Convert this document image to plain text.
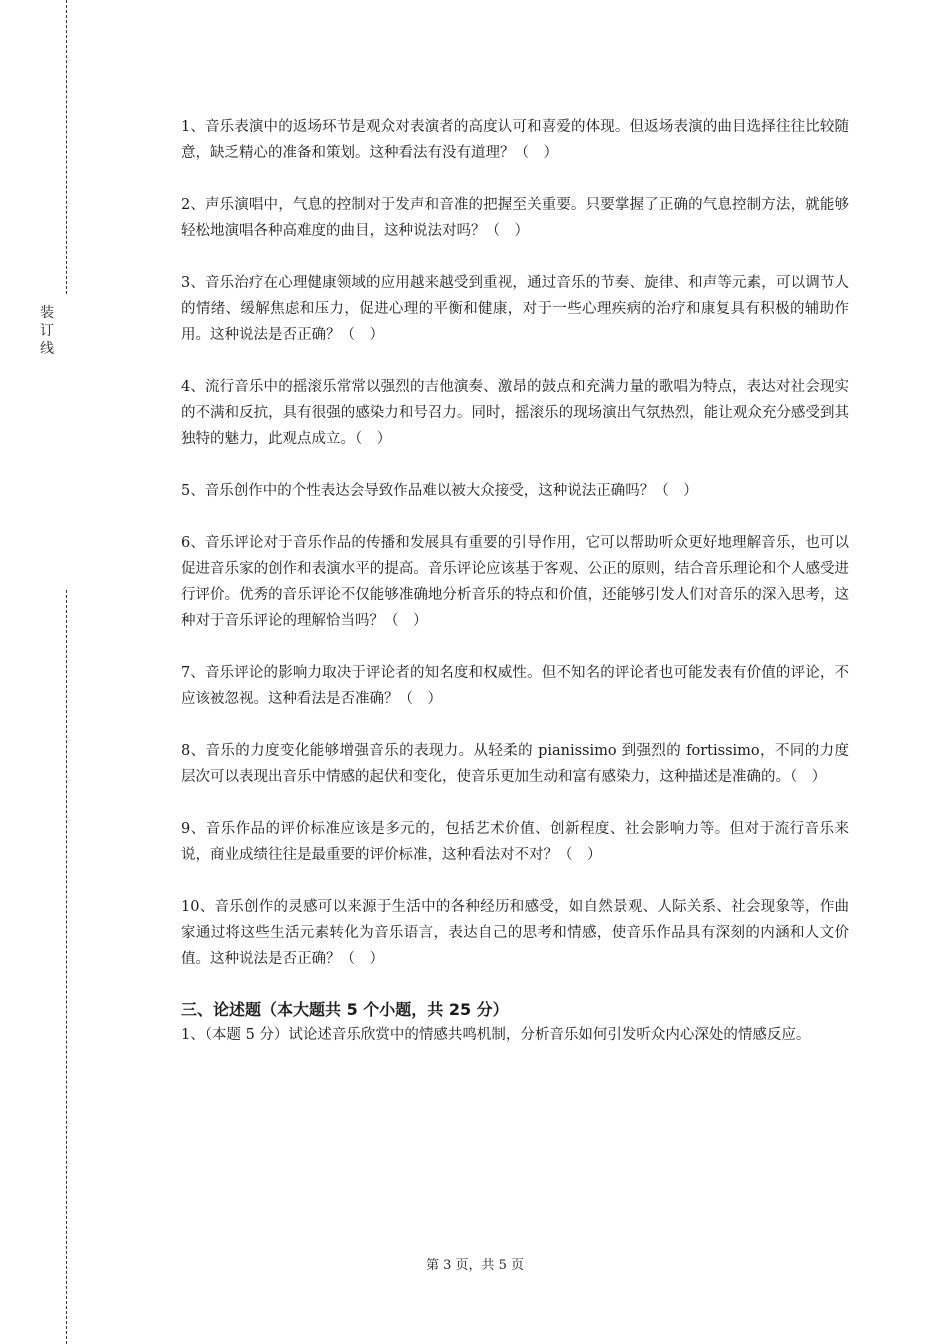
装
订
线

1、音乐表演中的返场环节是观众对表演者的高度认可和喜爱的体现。但返场表演的曲目选择往往比较随意，缺乏精心的准备和策划。这种看法有没有道理？（　）

2、声乐演唱中，气息的控制对于发声和音准的把握至关重要。只要掌握了正确的气息控制方法，就能够轻松地演唱各种高难度的曲目，这种说法对吗？（　）

3、音乐治疗在心理健康领域的应用越来越受到重视，通过音乐的节奏、旋律、和声等元素，可以调节人的情绪、缓解焦虑和压力，促进心理的平衡和健康，对于一些心理疾病的治疗和康复具有积极的辅助作用。这种说法是否正确？（　）

4、流行音乐中的摇滚乐常常以强烈的吉他演奏、激昂的鼓点和充满力量的歌唱为特点，表达对社会现实的不满和反抗，具有很强的感染力和号召力。同时，摇滚乐的现场演出气氛热烈，能让观众充分感受到其独特的魅力，此观点成立。（　）

5、音乐创作中的个性表达会导致作品难以被大众接受，这种说法正确吗？（　）

6、音乐评论对于音乐作品的传播和发展具有重要的引导作用，它可以帮助听众更好地理解音乐，也可以促进音乐家的创作和表演水平的提高。音乐评论应该基于客观、公正的原则，结合音乐理论和个人感受进行评价。优秀的音乐评论不仅能够准确地分析音乐的特点和价值，还能够引发人们对音乐的深入思考，这种对于音乐评论的理解恰当吗？（　）

7、音乐评论的影响力取决于评论者的知名度和权威性。但不知名的评论者也可能发表有价值的评论，不应该被忽视。这种看法是否准确？（　）

8、音乐的力度变化能够增强音乐的表现力。从轻柔的 pianissimo 到强烈的 fortissimo，不同的力度层次可以表现出音乐中情感的起伏和变化，使音乐更加生动和富有感染力，这种描述是准确的。（　）

9、音乐作品的评价标准应该是多元的，包括艺术价值、创新程度、社会影响力等。但对于流行音乐来说，商业成绩往往是最重要的评价标准，这种看法对不对？（　）

10、音乐创作的灵感可以来源于生活中的各种经历和感受，如自然景观、人际关系、社会现象等，作曲家通过将这些生活元素转化为音乐语言，表达自己的思考和情感，使音乐作品具有深刻的内涵和人文价值。这种说法是否正确？（　）

三、论述题（本大题共 5 个小题，共 25 分）

1、（本题 5 分）试论述音乐欣赏中的情感共鸣机制，分析音乐如何引发听众内心深处的情感反应。

第 3 页，共 5 页
